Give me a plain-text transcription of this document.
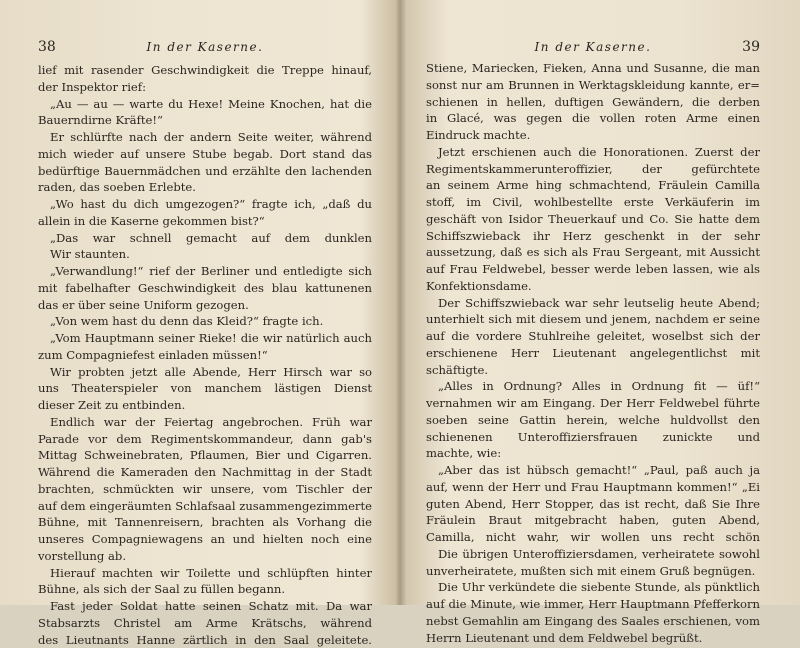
38	In der Kaserne.
lief mit rasender Geschwindigkeit die Treppe hinauf,
der Inspektor rief:
„Au — au — warte du Hexe! Meine Knochen, hat die
Bauerndirne Kräfte!“
Er schlürfte nach der andern Seite weiter, während
mich wieder auf unsere Stube begab. Dort stand das
bedürftige Bauernmädchen und erzählte den lachenden
raden, das soeben Erlebte.
„Wo hast du dich umgezogen?“ fragte ich, „daß du
allein in die Kaserne gekommen bist?“
„Das war schnell gemacht auf dem dunklen
Wir staunten.
„Verwandlung!“ rief der Berliner und entledigte sich
mit fabelhafter Geschwindigkeit des blau kattunenen
das er über seine Uniform gezogen.
„Von wem hast du denn das Kleid?“ fragte ich.
„Vom Hauptmann seiner Rieke! die wir natürlich auch
zum Compagniefest einladen müssen!“
Wir probten jetzt alle Abende, Herr Hirsch war so
uns Theaterspieler von manchem lästigen Dienst
dieser Zeit zu entbinden.
Endlich war der Feiertag angebrochen. Früh war
Parade vor dem Regimentskommandeur, dann gab's
Mittag Schweinebraten, Pflaumen, Bier und Cigarren.
Während die Kameraden den Nachmittag in der Stadt
brachten, schmückten wir unsere, vom Tischler der
auf dem eingeräumten Schlafsaal zusammengezimmerte
Bühne, mit Tannenreisern, brachten als Vorhang die
unseres Compagniewagens an und hielten noch eine
vorstellung ab.
Hierauf machten wir Toilette und schlüpften hinter
Bühne, als sich der Saal zu füllen begann.
Fast jeder Soldat hatte seinen Schatz mit. Da war
Stabsarzts Christel am Arme Krätschs, während
des Lieutnants Hanne zärtlich in den Saal geleitete.
In der Kaserne.	39
Stiene, Mariecken, Fieken, Anna und Susanne, die man
sonst nur am Brunnen in Werktagskleidung kannte, er=
schienen in hellen, duftigen Gewändern, die derben
in Glacé, was gegen die vollen roten Arme einen
Eindruck machte.
Jetzt erschienen auch die Honorationen. Zuerst der
Regimentskammerunteroffizier, der gefürchtete
an seinem Arme hing schmachtend, Fräulein Camilla
stoff, im Civil, wohlbestellte erste Verkäuferin im
geschäft von Isidor Theuerkauf und Co. Sie hatte dem
Schiffszwieback ihr Herz geschenkt in der sehr
aussetzung, daß es sich als Frau Sergeant, mit Aussicht
auf Frau Feldwebel, besser werde leben lassen, wie als
Konfektionsdame.
Der Schiffszwieback war sehr leutselig heute Abend;
unterhielt sich mit diesem und jenem, nachdem er seine
auf die vordere Stuhlreihe geleitet, woselbst sich der
erschienene Herr Lieutenant angelegentlichst mit
schäftigte.
„Alles in Ordnung? Alles in Ordnung fit — üf!“
vernahmen wir am Eingang. Der Herr Feldwebel führte
soeben seine Gattin herein, welche huldvollst den
schienenen Unteroffiziersfrauen zunickte und
machte, wie:
„Aber das ist hübsch gemacht!“ „Paul, paß auch ja
auf, wenn der Herr und Frau Hauptmann kommen!“ „Ei
guten Abend, Herr Stopper, das ist recht, daß Sie Ihre
Fräulein Braut mitgebracht haben, guten Abend,
Camilla, nicht wahr, wir wollen uns recht schön
Die übrigen Unteroffiziersdamen, verheiratete sowohl
unverheiratete, mußten sich mit einem Gruß begnügen.
Die Uhr verkündete die siebente Stunde, als pünktlich
auf die Minute, wie immer, Herr Hauptmann Pfefferkorn
nebst Gemahlin am Eingang des Saales erschienen, vom
Herrn Lieutenant und dem Feldwebel begrüßt.
